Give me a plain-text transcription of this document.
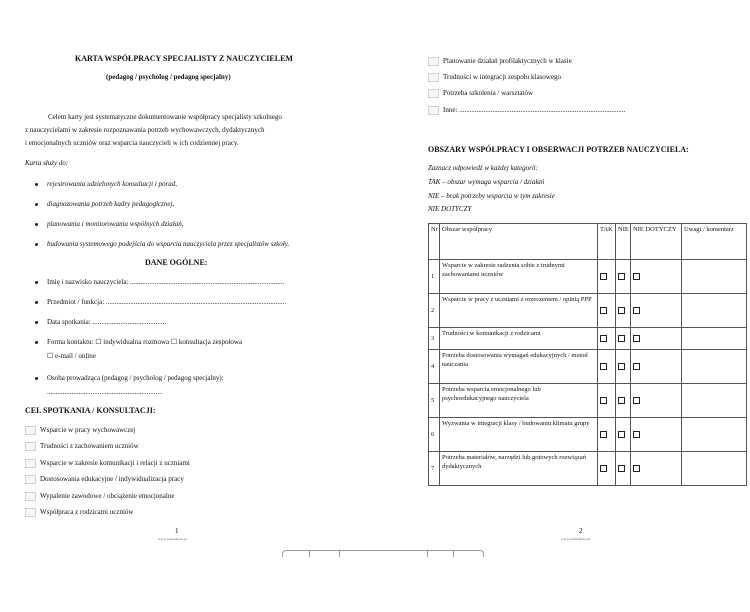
KARTA WSPÓŁPRACY SPECJALISTY Z NAUCZYCIELEM
(pedagog / psycholog / pedagog specjalny)
Celem karty jest systematyczne dokumentowanie współpracy specjalisty szkolnego
z nauczycielami w zakresie rozpoznawania potrzeb wychowawczych, dydaktycznych
i emocjonalnych uczniów oraz wsparcia nauczycieli w ich codziennej pracy.
Karta służy do:
rejestrowania udzielonych konsultacji i porad,
diagnozowania potrzeb kadry pedagogicznej,
planowania i monitorowania wspólnych działań,
budowania systemowego podejścia do wsparcia nauczyciela przez specjalistów szkoły.
DANE OGÓLNE:
Imię i nazwisko nauczyciela: ........................................................................................
Przedmiot / funkcja: .......................................................................................................
Data spotkania: ..........................................
Forma kontaktu: ☐ indywidualna rozmowa ☐ konsultacja zespołowa
☐ e-mail / online
Osoba prowadząca (pedagog / psycholog / pedagog specjalny):
..................................................................
CEL SPOTKANIA / KONSULTACJI:
Wsparcie w pracy wychowawczej
Trudności z zachowaniem uczniów
Wsparcie w zakresie komunikacji i relacji z uczniami
Dostosowania edukacyjne / indywidualizacja pracy
Wypalenie zawodowe / obciążenie emocjonalne
Współpraca z rodzicami uczniów
1
www.taknamiza.pl
Planowanie działań profilaktycznych w klasie
Trudności w integracji zespołu klasowego
Potrzeba szkolenia / warsztatów
Inne: ...............................................................................................
OBSZARY WSPÓŁPRACY I OBSERWACJI POTRZEB NAUCZYCIELA:
Zaznacz odpowiedź w każdej kategorii:
TAK – obszar wymaga wsparcia / działań
NIE – brak potrzeby wsparcia w tym zakresie
NIE DOTYCZY
Nr	Obszar współpracy	TAK	NIE	NIE DOTYCZY	Uwagi / komentarz
1	Wsparcie w zakresie radzenia sobie z trudnymi zachowaniami uczniów				
2	Wsparcie w pracy z uczniami z orzeczeniem / opinią PPP				
3	Trudności w komunikacji z rodzicami				
4	Potrzeba dostosowania wymagań edukacyjnych / metod nauczania				
5	Potrzeba wsparcia emocjonalnego lub psychoedukacyjnego nauczyciela				
6	Wyzwania w integracji klasy / budowaniu klimatu grupy				
7	Potrzeba materiałów, narzędzi lub gotowych rozwiązań dydaktycznych				
2
www.taknamiza.pl
